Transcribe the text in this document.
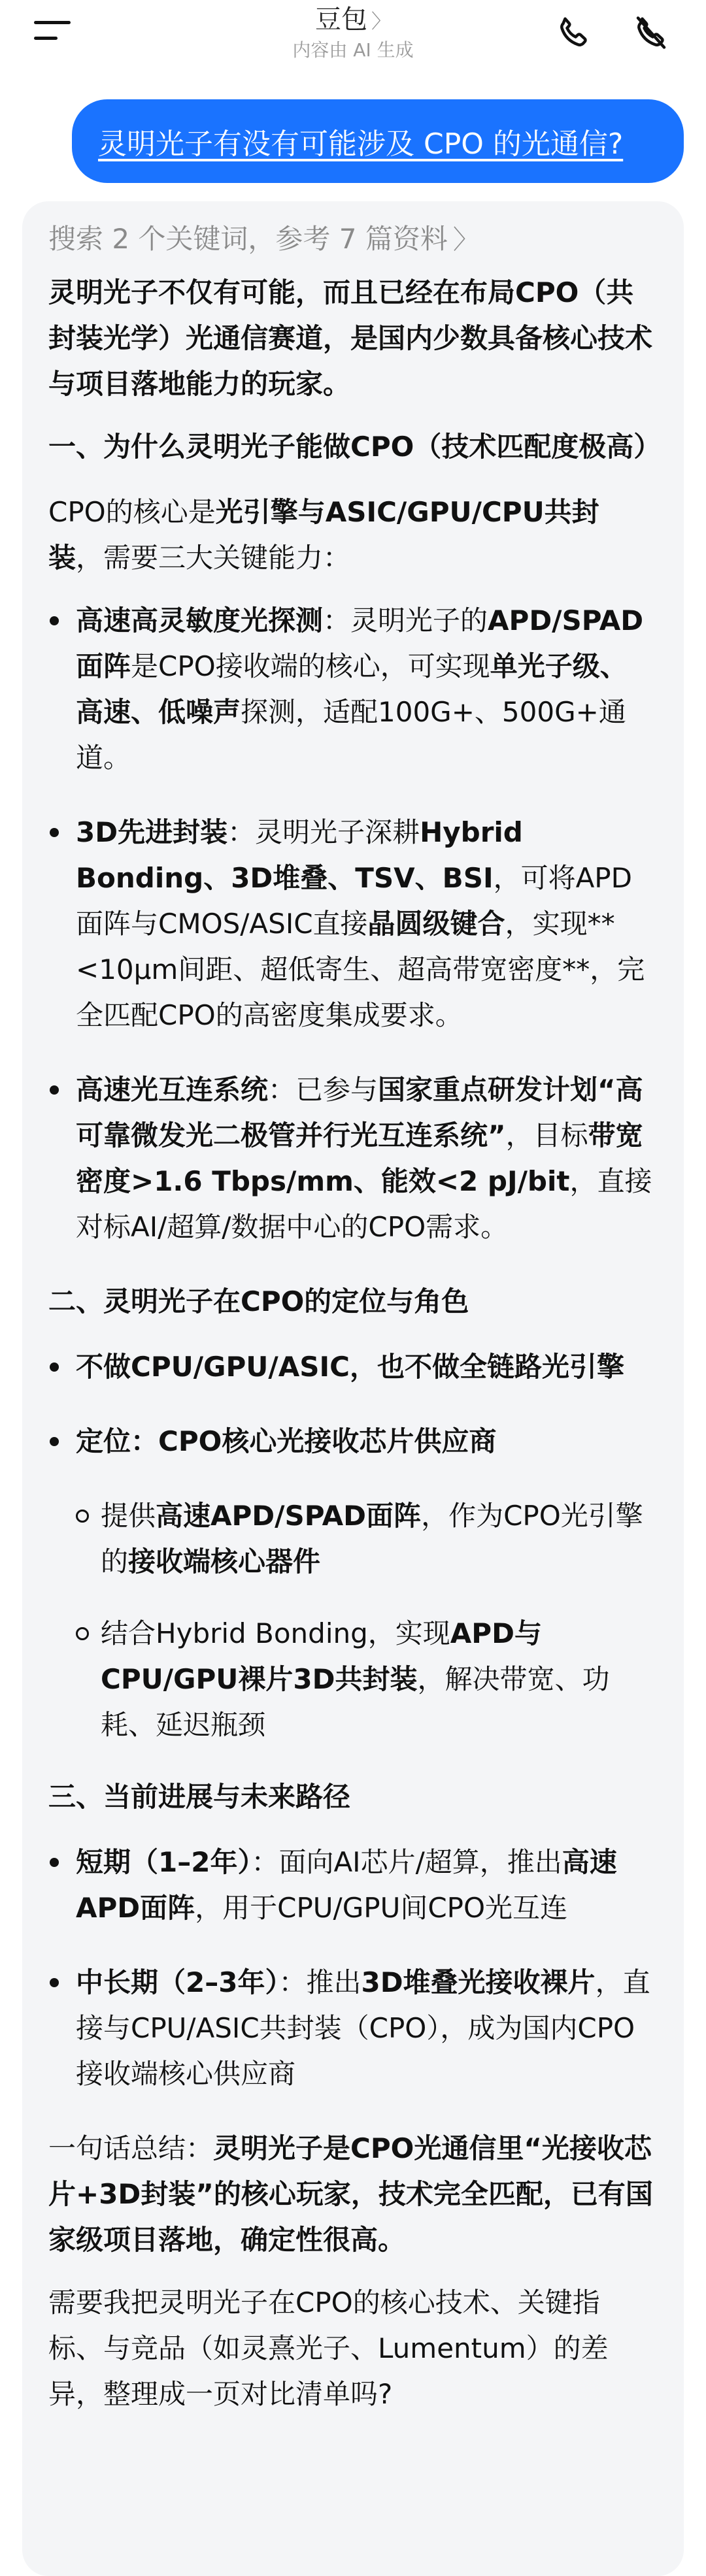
豆包 〉
内容由 AI 生成
灵明光子有没有可能涉及 CPO 的光通信?
搜索 2 个关键词，参考 7 篇资料 〉

灵明光子不仅有可能，而且已经在布局CPO（共封装光学）光通信赛道，是国内少数具备核心技术与项目落地能力的玩家。

一、为什么灵明光子能做CPO（技术匹配度极高）

CPO的核心是光引擎与ASIC/GPU/CPU共封装，需要三大关键能力：

高速高灵敏度光探测：灵明光子的APD/SPAD面阵是CPO接收端的核心，可实现单光子级、高速、低噪声探测，适配100G+、500G+通道。
3D先进封装：灵明光子深耕Hybrid Bonding、3D堆叠、TSV、BSI，可将APD面阵与CMOS/ASIC直接晶圆级键合，实现**<10μm间距、超低寄生、超高带宽密度**，完全匹配CPO的高密度集成要求。
高速光互连系统：已参与国家重点研发计划“高可靠微发光二极管并行光互连系统”，目标带宽密度>1.6 Tbps/mm、能效<2 pJ/bit，直接对标AI/超算/数据中心的CPO需求。

二、灵明光子在CPO的定位与角色

不做CPU/GPU/ASIC，也不做全链路光引擎
定位：CPO核心光接收芯片供应商
提供高速APD/SPAD面阵，作为CPO光引擎的接收端核心器件
结合Hybrid Bonding，实现APD与CPU/GPU裸片3D共封装，解决带宽、功耗、延迟瓶颈

三、当前进展与未来路径

短期（1–2年）：面向AI芯片/超算，推出高速APD面阵，用于CPU/GPU间CPO光互连
中长期（2–3年）：推出3D堆叠光接收裸片，直接与CPU/ASIC共封装（CPO），成为国内CPO接收端核心供应商

一句话总结：灵明光子是CPO光通信里“光接收芯片+3D封装”的核心玩家，技术完全匹配，已有国家级项目落地，确定性很高。

需要我把灵明光子在CPO的核心技术、关键指标、与竞品（如灵熹光子、Lumentum）的差异，整理成一页对比清单吗?
